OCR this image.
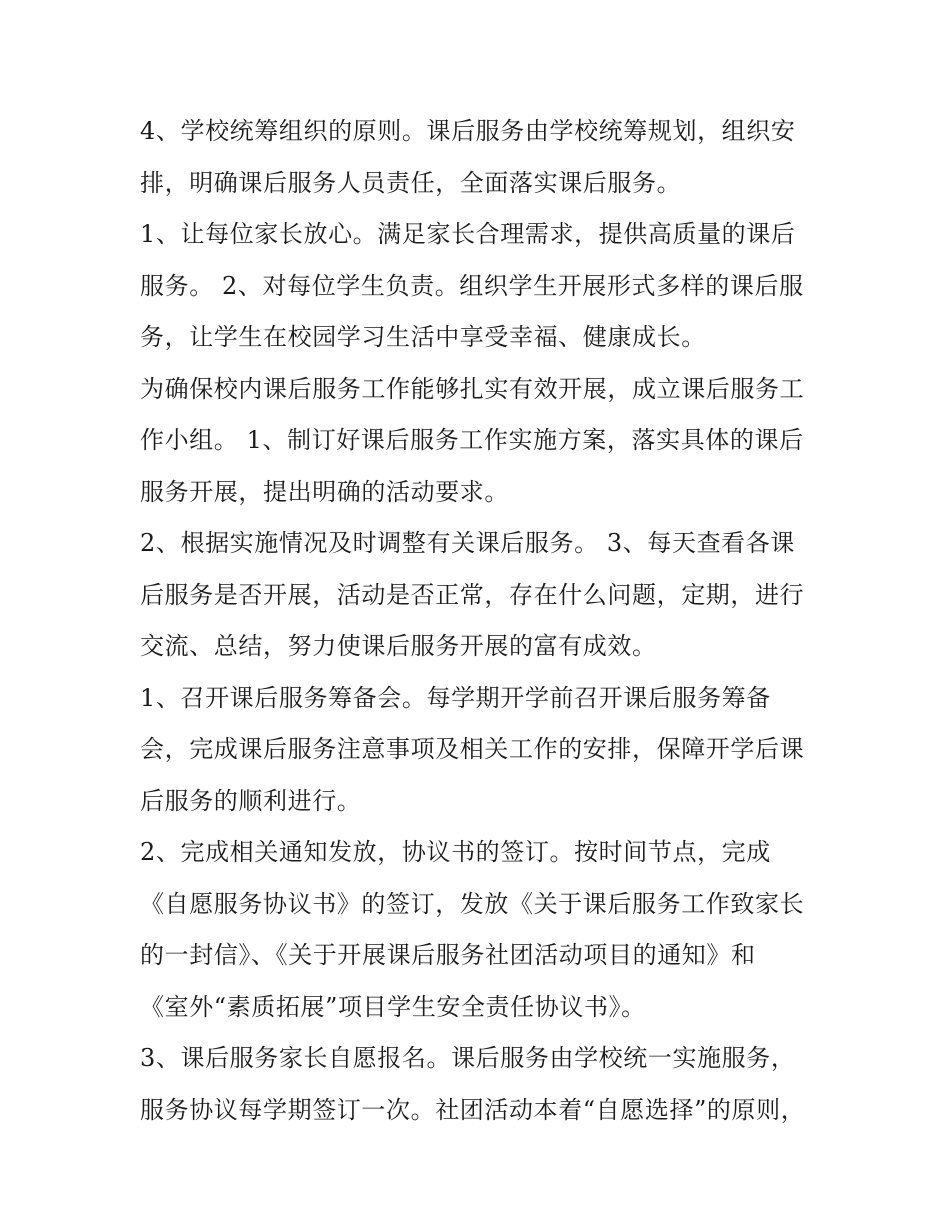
4、学校统筹组织的原则。课后服务由学校统筹规划，组织安
排，明确课后服务人员责任，全面落实课后服务。
1、让每位家长放心。满足家长合理需求，提供高质量的课后
服务。 2、对每位学生负责。组织学生开展形式多样的课后服
务，让学生在校园学习生活中享受幸福、健康成长。
为确保校内课后服务工作能够扎实有效开展，成立课后服务工
作小组。 1、制订好课后服务工作实施方案，落实具体的课后
服务开展，提出明确的活动要求。
2、根据实施情况及时调整有关课后服务。 3、每天查看各课
后服务是否开展，活动是否正常，存在什么问题，定期，进行
交流、总结，努力使课后服务开展的富有成效。
1、召开课后服务筹备会。每学期开学前召开课后服务筹备
会，完成课后服务注意事项及相关工作的安排，保障开学后课
后服务的顺利进行。
2、完成相关通知发放，协议书的签订。按时间节点，完成
《自愿服务协议书》的签订，发放《关于课后服务工作致家长
的一封信》、《关于开展课后服务社团活动项目的通知》和
《室外“素质拓展”项目学生安全责任协议书》。
3、课后服务家长自愿报名。课后服务由学校统一实施服务，
服务协议每学期签订一次。社团活动本着“自愿选择”的原则，
